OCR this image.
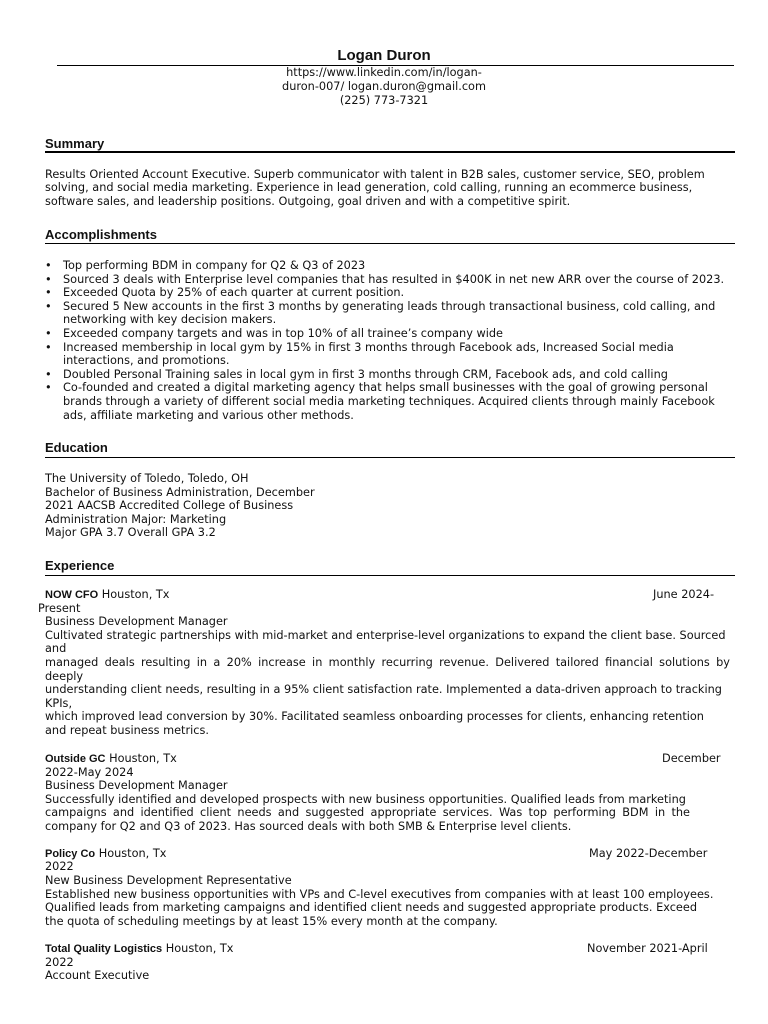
Logan Duron
https://www.linkedin.com/in/logan-
duron-007/ logan.duron@gmail.com
(225) 773-7321
Summary
Results Oriented Account Executive. Superb communicator with talent in B2B sales, customer service, SEO, problem
solving, and social media marketing. Experience in lead generation, cold calling, running an ecommerce business,
software sales, and leadership positions. Outgoing, goal driven and with a competitive spirit.
Accomplishments
• Top performing BDM in company for Q2 & Q3 of 2023
• Sourced 3 deals with Enterprise level companies that has resulted in $400K in net new ARR over the course of 2023.
• Exceeded Quota by 25% of each quarter at current position.
• Secured 5 New accounts in the first 3 months by generating leads through transactional business, cold calling, and
networking with key decision makers.
• Exceeded company targets and was in top 10% of all trainee’s company wide
• Increased membership in local gym by 15% in first 3 months through Facebook ads, Increased Social media
interactions, and promotions.
• Doubled Personal Training sales in local gym in first 3 months through CRM, Facebook ads, and cold calling
• Co-founded and created a digital marketing agency that helps small businesses with the goal of growing personal
brands through a variety of different social media marketing techniques. Acquired clients through mainly Facebook
ads, affiliate marketing and various other methods.
Education
The University of Toledo, Toledo, OH
Bachelor of Business Administration, December
2021 AACSB Accredited College of Business
Administration Major: Marketing
Major GPA 3.7 Overall GPA 3.2
Experience
NOW CFO Houston, Tx	June 2024-
Present
Business Development Manager
Cultivated strategic partnerships with mid-market and enterprise-level organizations to expand the client base. Sourced
and
managed deals resulting in a 20% increase in monthly recurring revenue. Delivered tailored financial solutions by
deeply
understanding client needs, resulting in a 95% client satisfaction rate. Implemented a data-driven approach to tracking
KPIs,
which improved lead conversion by 30%. Facilitated seamless onboarding processes for clients, enhancing retention
and repeat business metrics.
Outside GC Houston, Tx	December
2022-May 2024
Business Development Manager
Successfully identified and developed prospects with new business opportunities. Qualified leads from marketing
campaigns and identified client needs and suggested appropriate services. Was top performing BDM in the
company for Q2 and Q3 of 2023. Has sourced deals with both SMB & Enterprise level clients.
Policy Co Houston, Tx	May 2022-December
2022
New Business Development Representative
Established new business opportunities with VPs and C-level executives from companies with at least 100 employees.
Qualified leads from marketing campaigns and identified client needs and suggested appropriate products. Exceed
the quota of scheduling meetings by at least 15% every month at the company.
Total Quality Logistics Houston, Tx	November 2021-April
2022
Account Executive
